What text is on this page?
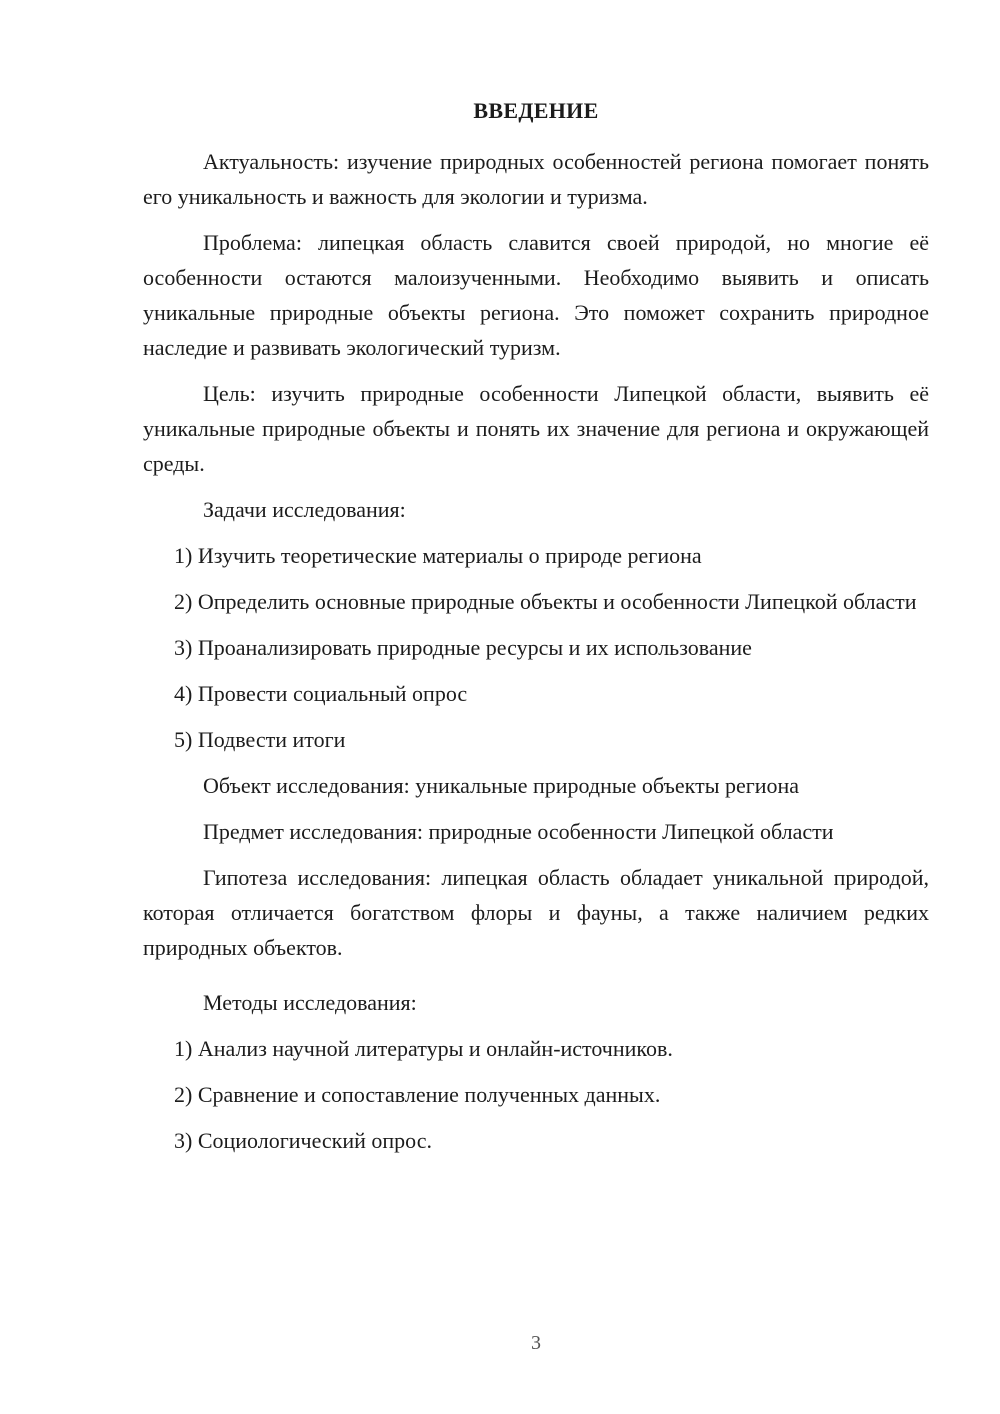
ВВЕДЕНИЕ

Актуальность: изучение природных особенностей региона помогает понять его уникальность и важность для экологии и туризма.

Проблема: липецкая область славится своей природой, но многие её особенности остаются малоизученными. Необходимо выявить и описать уникальные природные объекты региона. Это поможет сохранить природное наследие и развивать экологический туризм.

Цель: изучить природные особенности Липецкой области, выявить её уникальные природные объекты и понять их значение для региона и окружающей среды.

Задачи исследования:

1) Изучить теоретические материалы о природе региона

2) Определить основные природные объекты и особенности Липецкой области

3) Проанализировать природные ресурсы и их использование

4) Провести социальный опрос

5) Подвести итоги

Объект исследования: уникальные природные объекты региона

Предмет исследования: природные особенности Липецкой области

Гипотеза исследования: липецкая область обладает уникальной природой, которая отличается богатством флоры и фауны, а также наличием редких природных объектов.

Методы исследования:

1) Анализ научной литературы и онлайн-источников.

2) Сравнение и сопоставление полученных данных.

3) Социологический опрос.

3
